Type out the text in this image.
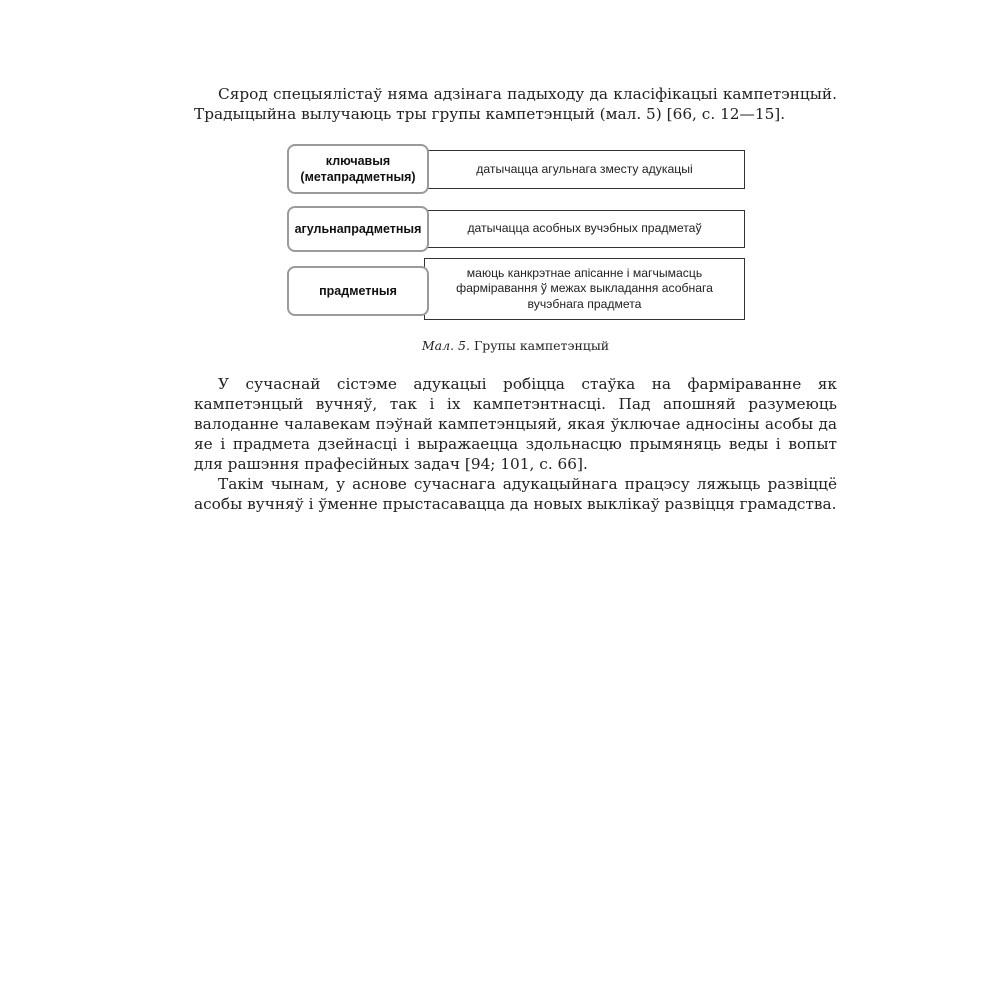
Сярод спецыялістаў няма адзінага падыходу да класіфікацыі кампетэнцый. Традыцыйна вылучаюць тры групы кампетэнцый (мал. 5) [66, с. 12—15].

датычацца агульнага зместу адукацыі
ключавыя
(метапрадметныя)
датычацца асобных вучэбных прадметаў
агульнапрадметныя
маюць канкрэтнае апісанне і магчымасць
фарміравання ў межах выкладання асобнага
вучэбнага прадмета
прадметныя
Мал. 5. Групы кампетэнцый

У сучаснай сістэме адукацыі робіцца стаўка на фарміраванне як кампетэнцый вучняў, так і іх кампетэнтнасці. Пад апошняй разумеюць валоданне чалавекам пэўнай кампетэнцыяй, якая ўключае адносіны асобы да яе і прадмета дзейнасці і выражаецца здольнасцю прымяняць веды і вопыт для рашэння прафесійных задач [94; 101, с. 66].

Такім чынам, у аснове сучаснага адукацыйнага працэсу ляжыць развіццё асобы вучняў і ўменне прыстасавацца да новых выклікаў развіцця грамадства.
